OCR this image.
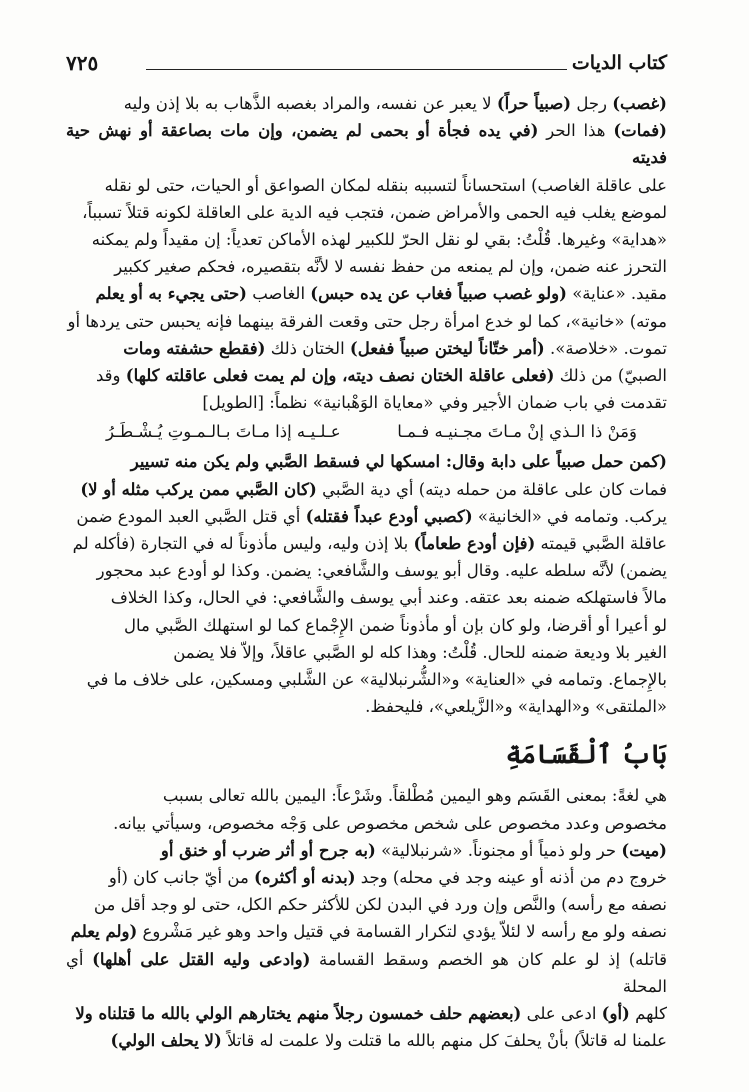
كتاب الديات
٧٢٥

(غصب) رجل (صبياً حراً) لا يعبر عن نفسه، والمراد بغصبه الذَّهاب به بلا إذن وليه

(فمات) هذا الحر (في يده فجأة أو بحمى لم يضمن، وإن مات بصاعقة أو نهش حية فديته

على عاقلة الغاصب) استحساناً لتسببه بنقله لمكان الصواعق أو الحيات، حتى لو نقله

لموضع يغلب فيه الحمى والأمراض ضمن، فتجب فيه الدية على العاقلة لكونه قتلاً تسبباً،

«هداية» وغيرها. قُلْتُ: بقي لو نقل الحرّ للكبير لهذه الأماكن تعدياً: إن مقيداً ولم يمكنه

التحرز عنه ضمن، وإن لم يمنعه من حفظ نفسه لا لأنَّه بتقصيره، فحكم صغير ككبير

مقيد. «عناية» (ولو غصب صبياً فغاب عن يده حبس) الغاصب (حتى يجيء به أو يعلم

موته) «خانية»، كما لو خدع امرأة رجل حتى وقعت الفرقة بينهما فإنه يحبس حتى يردها أو

تموت. «خلاصة». (أمر ختّاناً ليختن صبياً ففعل) الختان ذلك (فقطع حشفته ومات

الصبيّ) من ذلك (فعلى عاقلة الختان نصف ديته، وإن لم يمت فعلى عاقلته كلها) وقد

تقدمت في باب ضمان الأجير وفي «معاياة الوَهْبانية» نظماً: [الطويل]

وَمَنْ ذا الـذي إنْ مـاتَ مجـنيـه فـمـا
عـلـيـه إذا مـاتَ بـالـمـوتِ يُـشْـطَـرُ

(كمن حمل صبياً على دابة وقال: امسكها لي فسقط الصَّبي ولم يكن منه تسيير

فمات كان على عاقلة من حمله ديته) أي دية الصَّبي (كان الصَّبي ممن يركب مثله أو لا)

يركب. وتمامه في «الخانية» (كصبي أودع عبداً فقتله) أي قتل الصَّبي العبد المودع ضمن

عاقلة الصَّبي قيمته (فإن أودع طعاماً) بلا إذن وليه، وليس مأذوناً له في التجارة (فأكله لم

يضمن) لأنَّه سلطه عليه. وقال أبو يوسف والشَّافعي: يضمن. وكذا لو أودع عبد محجور

مالاً فاستهلكه ضمنه بعد عتقه. وعند أبي يوسف والشَّافعي: في الحال، وكذا الخلاف

لو أعيرا أو أقرضا، ولو كان بإن أو مأذوناً ضمن الإِجْماع كما لو استهلك الصَّبي مال

الغير بلا وديعة ضمنه للحال. قُلْتُ: وهذا كله لو الصَّبي عاقلاً، وإلاّ فلا يضمن

بالإِجماع. وتمامه في «العناية» و«الشُّرنبلالية» عن الشَّلبي ومسكين، على خلاف ما في

«الملتقى» و«الهداية» و«الزَّيلعي»، فليحفظ.

بَابُ ٱلْقَسَامَةِ

هي لغةً: بمعنى القَسَم وهو اليمين مُطْلقاً. وشَرْعاً: اليمين بالله تعالى بسبب

مخصوص وعدد مخصوص على شخص مخصوص على وَجْه مخصوص، وسيأتي بيانه.

(ميت) حر ولو ذمياً أو مجنوناً. «شرنبلالية» (به جرح أو أثر ضرب أو خنق أو

خروج دم من أذنه أو عينه وجد في محله) وجد (بدنه أو أكثره) من أيّ جانب كان (أو

نصفه مع رأسه) والنَّص وإن ورد في البدن لكن للأكثر حكم الكل، حتى لو وجد أقل من

نصفه ولو مع رأسه لا لئلاّ يؤدي لتكرار القسامة في قتيل واحد وهو غير مَشْروع (ولم يعلم

قاتله) إذ لو علم كان هو الخصم وسقط القسامة (وادعى وليه القتل على أهلها) أي المحلة

كلهم (أو) ادعى على (بعضهم حلف خمسون رجلاً منهم يختارهم الولي بالله ما قتلناه ولا

علمنا له قاتلاً) بأنْ يحلفَ كل منهم بالله ما قتلت ولا علمت له قاتلاً (لا يحلف الولي)
